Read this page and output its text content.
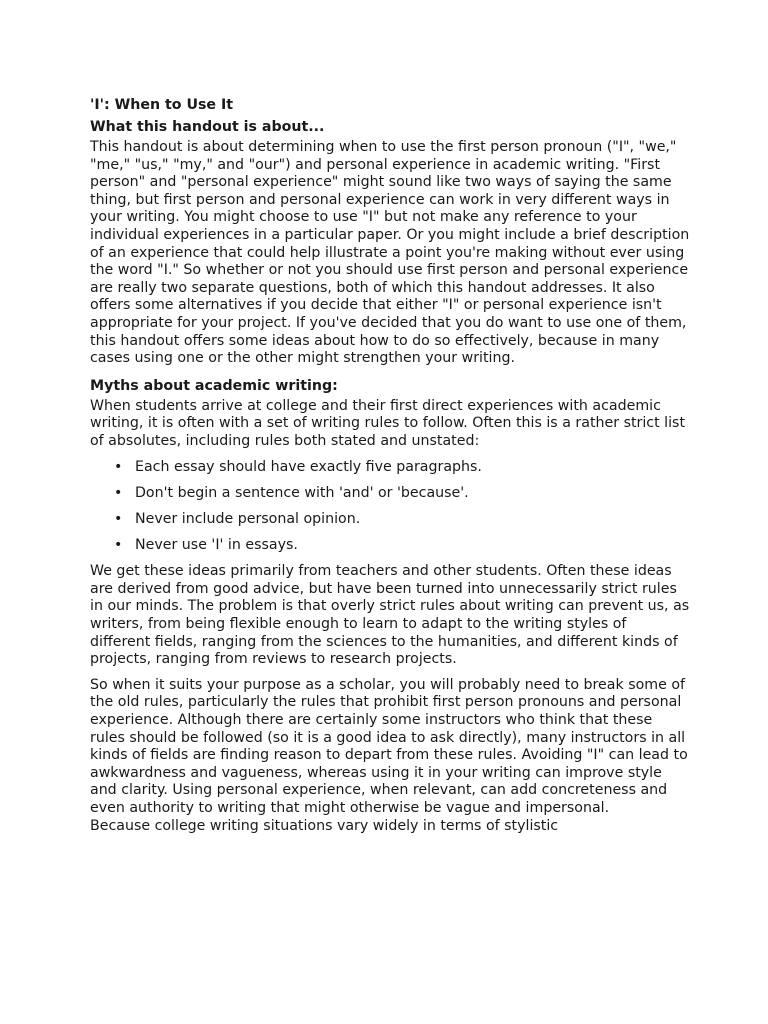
'I': When to Use It
What this handout is about...

This handout is about determining when to use the first person pronoun ("I", "we," "me," "us," "my," and "our") and personal experience in academic writing. "First person" and "personal experience" might sound like two ways of saying the same thing, but first person and personal experience can work in very different ways in your writing. You might choose to use "I" but not make any reference to your individual experiences in a particular paper. Or you might include a brief description of an experience that could help illustrate a point you're making without ever using the word "I." So whether or not you should use first person and personal experience are really two separate questions, both of which this handout addresses. It also offers some alternatives if you decide that either "I" or personal experience isn't appropriate for your project. If you've decided that you do want to use one of them, this handout offers some ideas about how to do so effectively, because in many cases using one or the other might strengthen your writing.

Myths about academic writing:

When students arrive at college and their first direct experiences with academic writing, it is often with a set of writing rules to follow. Often this is a rather strict list of absolutes, including rules both stated and unstated:

• Each essay should have exactly five paragraphs.
• Don't begin a sentence with 'and' or 'because'.
• Never include personal opinion.
• Never use 'I' in essays.

We get these ideas primarily from teachers and other students. Often these ideas are derived from good advice, but have been turned into unnecessarily strict rules in our minds. The problem is that overly strict rules about writing can prevent us, as writers, from being flexible enough to learn to adapt to the writing styles of different fields, ranging from the sciences to the humanities, and different kinds of projects, ranging from reviews to research projects.

So when it suits your purpose as a scholar, you will probably need to break some of the old rules, particularly the rules that prohibit first person pronouns and personal experience. Although there are certainly some instructors who think that these rules should be followed (so it is a good idea to ask directly), many instructors in all kinds of fields are finding reason to depart from these rules. Avoiding "I" can lead to awkwardness and vagueness, whereas using it in your writing can improve style and clarity. Using personal experience, when relevant, can add concreteness and even authority to writing that might otherwise be vague and impersonal.

Because college writing situations vary widely in terms of stylistic
